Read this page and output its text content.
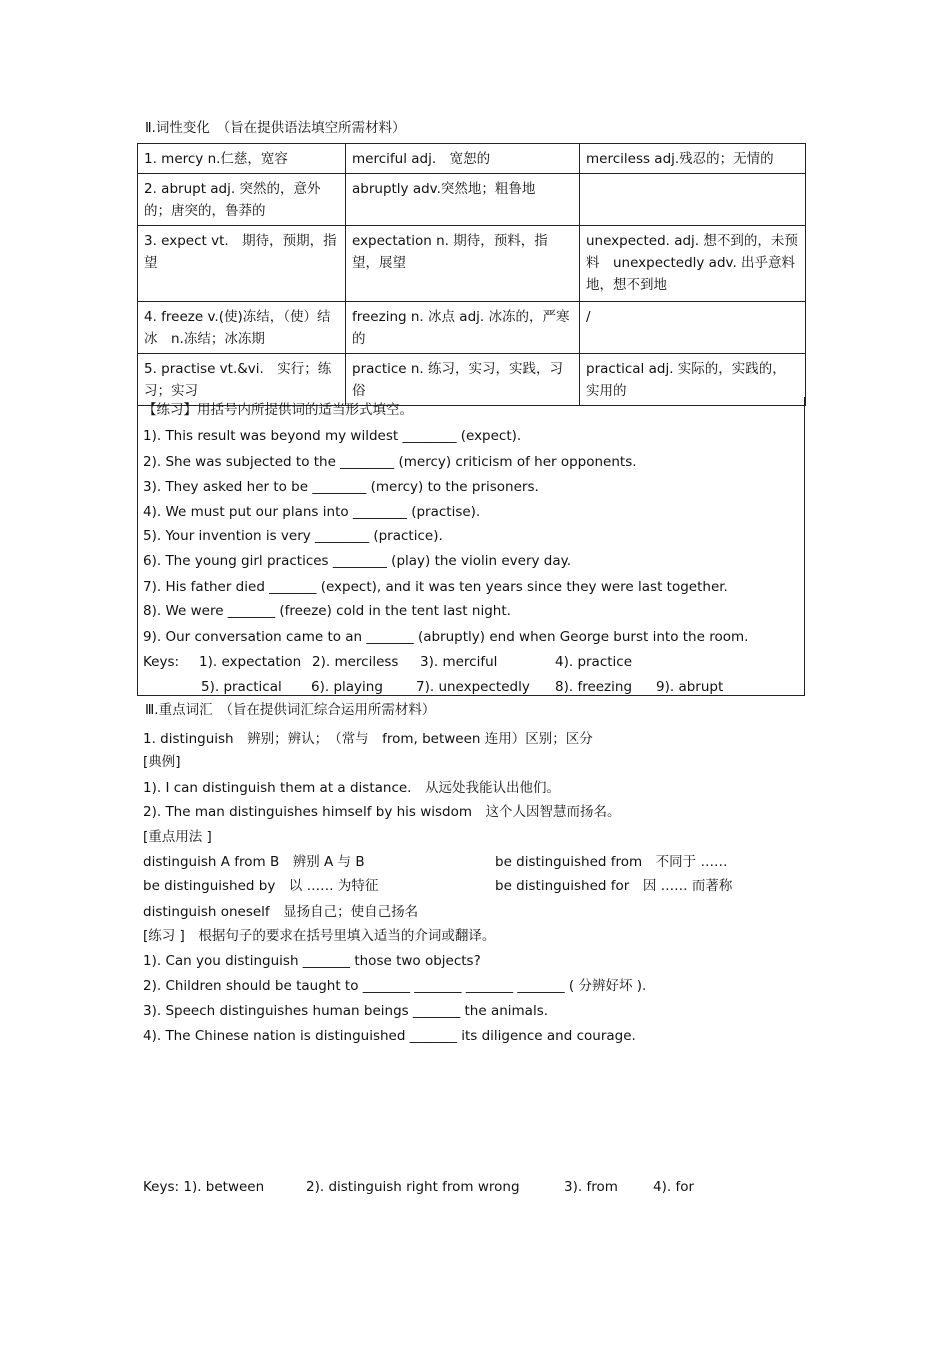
Ⅱ.词性变化　（旨在提供语法填空所需材料）
1. mercy n.仁慈，宽容	merciful adj.　宽恕的	merciless adj.残忍的；无情的
2. abrupt adj. 突然的，意外的；唐突的，鲁莽的	abruptly adv.突然地；粗鲁地	
3. expect vt.　期待，预期，指望	expectation n. 期待，预料，指望，展望	unexpected. adj. 想不到的，未预料　unexpectedly adv. 出乎意料地，想不到地
4. freeze v.(使)冻结，（使）结冰　n.冻结；冰冻期	freezing n. 冰点 adj. 冰冻的，严寒的	/
5. practise vt.&vi.　实行；练习；实习	practice n. 练习，实习，实践，习俗	practical adj. 实际的，实践的，实用的
【练习】用括号内所提供词的适当形式填空。
1). This result was beyond my wildest ________ (expect).
2). She was subjected to the ________ (mercy) criticism of her opponents.
3). They asked her to be ________ (mercy) to the prisoners.
4). We must put our plans into ________ (practise).
5). Your invention is very ________ (practice).
6). The young girl practices ________ (play) the violin every day.
7). His father died _______ (expect), and it was ten years since they were last together.
8). We were _______ (freeze) cold in the tent last night.
9). Our conversation came to an _______ (abruptly) end when George burst into the room.
Keys: 1). expectation 2). merciless 3). merciful	4). practice
5). practical 6). playing 7). unexpectedly 8). freezing 9). abrupt
Ⅲ.重点词汇　（旨在提供词汇综合运用所需材料）
1. distinguish　辨别；辨认；　（常与　from, between 连用）区别；区分
[典例]
1). I can distinguish them at a distance.　从远处我能认出他们。
2). The man distinguishes himself by his wisdom　这个人因智慧而扬名。
[重点用法 ]
distinguish A from B　辨别 A 与 B	be distinguished from　不同于 ……
be distinguished by　以 …… 为特征	be distinguished for　因 …… 而著称
distinguish oneself　显扬自己；使自己扬名
[练习 ]　根据句子的要求在括号里填入适当的介词或翻译。
1). Can you distinguish _______ those two objects?
2). Children should be taught to _______ _______ _______ _______ ( 分辨好坏 ).
3). Speech distinguishes human beings _______ the animals.
4). The Chinese nation is distinguished _______ its diligence and courage.
Keys: 1). between	2). distinguish right from wrong	3). from	4). for
